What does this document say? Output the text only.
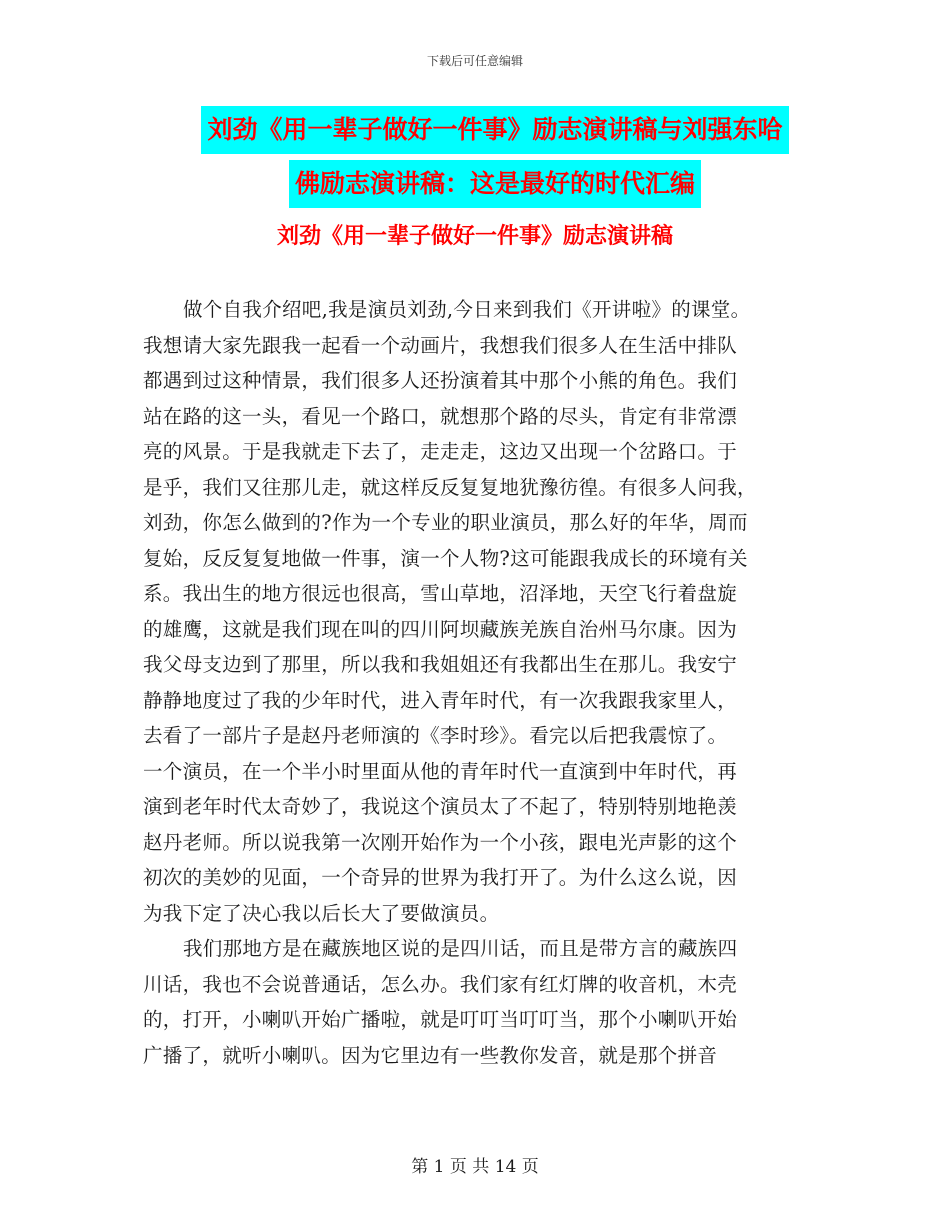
下载后可任意编辑
刘劲《用一辈子做好一件事》励志演讲稿与刘强东哈
佛励志演讲稿：这是最好的时代汇编
刘劲《用一辈子做好一件事》励志演讲稿

做个自我介绍吧,我是演员刘劲,今日来到我们《开讲啦》的课堂。
我想请大家先跟我一起看一个动画片，我想我们很多人在生活中排队
都遇到过这种情景，我们很多人还扮演着其中那个小熊的角色。我们
站在路的这一头，看见一个路口，就想那个路的尽头，肯定有非常漂
亮的风景。于是我就走下去了，走走走，这边又出现一个岔路口。于
是乎，我们又往那儿走，就这样反反复复地犹豫彷徨。有很多人问我，
刘劲，你怎么做到的?作为一个专业的职业演员，那么好的年华，周而
复始，反反复复地做一件事，演一个人物?这可能跟我成长的环境有关
系。我出生的地方很远也很高，雪山草地，沼泽地，天空飞行着盘旋
的雄鹰，这就是我们现在叫的四川阿坝藏族羌族自治州马尔康。因为
我父母支边到了那里，所以我和我姐姐还有我都出生在那儿。我安宁
静静地度过了我的少年时代，进入青年时代，有一次我跟我家里人，
去看了一部片子是赵丹老师演的《李时珍》。看完以后把我震惊了。
一个演员，在一个半小时里面从他的青年时代一直演到中年时代，再
演到老年时代太奇妙了，我说这个演员太了不起了，特别特别地艳羡
赵丹老师。所以说我第一次刚开始作为一个小孩，跟电光声影的这个
初次的美妙的见面，一个奇异的世界为我打开了。为什么这么说，因
为我下定了决心我以后长大了要做演员。

我们那地方是在藏族地区说的是四川话，而且是带方言的藏族四
川话，我也不会说普通话，怎么办。我们家有红灯牌的收音机，木壳
的，打开，小喇叭开始广播啦，就是叮叮当叮叮当，那个小喇叭开始
广播了，就听小喇叭。因为它里边有一些教你发音，就是那个拼音

第 1 页 共 14 页
